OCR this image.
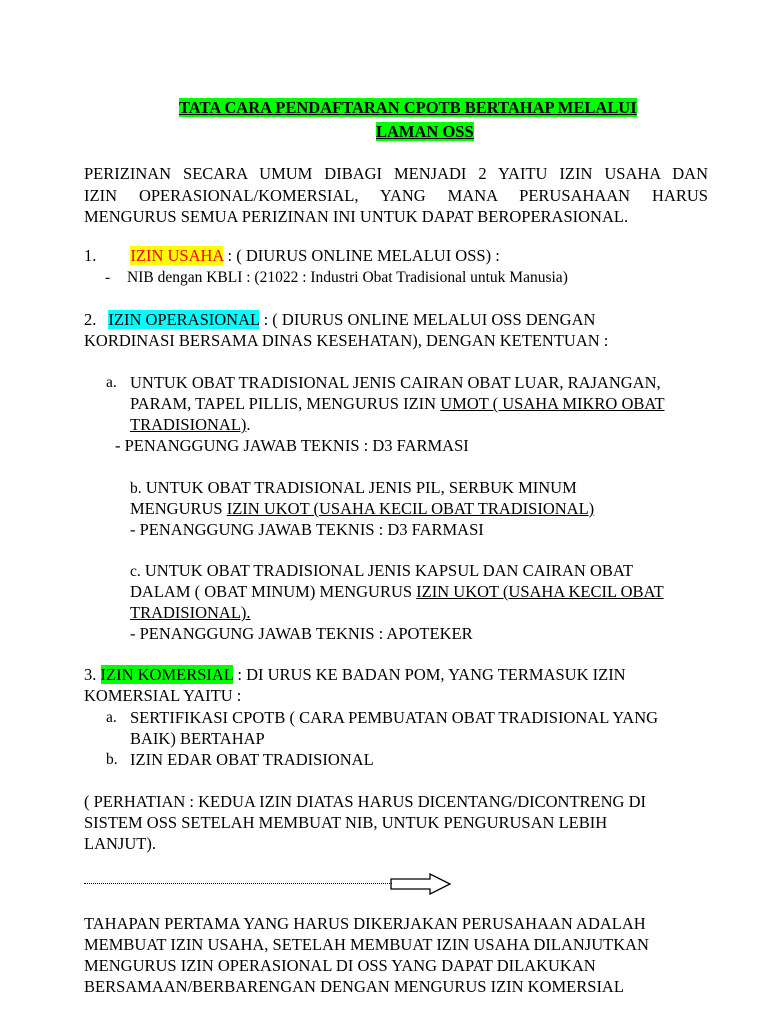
TATA CARA PENDAFTARAN CPOTB BERTAHAP MELALUI
LAMAN OSS
PERIZINAN SECARA UMUM DIBAGI MENJADI 2 YAITU IZIN USAHA DAN
IZIN OPERASIONAL/KOMERSIAL, YANG MANA PERUSAHAAN HARUS
MENGURUS SEMUA PERIZINAN INI UNTUK DAPAT BEROPERASIONAL.
1. IZIN USAHA : ( DIURUS ONLINE MELALUI OSS) :
- NIB dengan KBLI : (21022 : Industri Obat Tradisional untuk Manusia)
2. IZIN OPERASIONAL : ( DIURUS ONLINE MELALUI OSS DENGAN
KORDINASI BERSAMA DINAS KESEHATAN), DENGAN KETENTUAN :
a. UNTUK OBAT TRADISIONAL JENIS CAIRAN OBAT LUAR, RAJANGAN,
PARAM, TAPEL PILLIS, MENGURUS IZIN UMOT ( USAHA MIKRO OBAT
TRADISIONAL).
- PENANGGUNG JAWAB TEKNIS : D3 FARMASI
b. UNTUK OBAT TRADISIONAL JENIS PIL, SERBUK MINUM
MENGURUS IZIN UKOT (USAHA KECIL OBAT TRADISIONAL)
- PENANGGUNG JAWAB TEKNIS : D3 FARMASI
c. UNTUK OBAT TRADISIONAL JENIS KAPSUL DAN CAIRAN OBAT
DALAM ( OBAT MINUM) MENGURUS IZIN UKOT (USAHA KECIL OBAT
TRADISIONAL).
- PENANGGUNG JAWAB TEKNIS : APOTEKER
3. IZIN KOMERSIAL : DI URUS KE BADAN POM, YANG TERMASUK IZIN
KOMERSIAL YAITU :
a. SERTIFIKASI CPOTB ( CARA PEMBUATAN OBAT TRADISIONAL YANG
BAIK) BERTAHAP
b. IZIN EDAR OBAT TRADISIONAL
( PERHATIAN : KEDUA IZIN DIATAS HARUS DICENTANG/DICONTRENG DI
SISTEM OSS SETELAH MEMBUAT NIB, UNTUK PENGURUSAN LEBIH
LANJUT).
TAHAPAN PERTAMA YANG HARUS DIKERJAKAN PERUSAHAAN ADALAH
MEMBUAT IZIN USAHA, SETELAH MEMBUAT IZIN USAHA DILANJUTKAN
MENGURUS IZIN OPERASIONAL DI OSS YANG DAPAT DILAKUKAN
BERSAMAAN/BERBARENGAN DENGAN MENGURUS IZIN KOMERSIAL
